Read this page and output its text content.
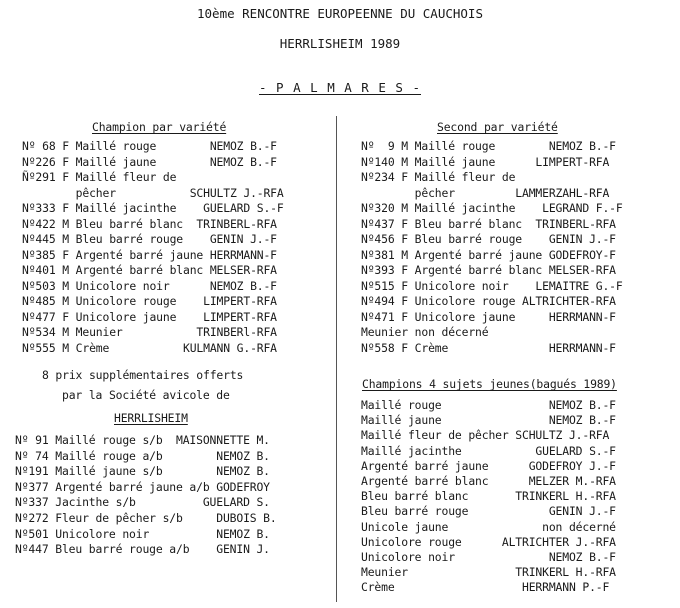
10ème RENCONTRE EUROPEENNE DU CAUCHOIS
HERRLISHEIM 1989
- P A L M A R E S -
Champion par variété
Nº 68 F Maillé rouge        NEMOZ B.-F
Nº226 F Maillé jaune        NEMOZ B.-F
Ñº291 F Maillé fleur de
pêcher           SCHULTZ J.-RFA
Nº333 F Maillé jacinthe    GUELARD S.-F
Nº422 M Bleu barré blanc  TRINBERL-RFA
Nº445 M Bleu barré rouge    GENIN J.-F
Nº385 F Argenté barré jaune HERRMANN-F
Nº401 M Argenté barré blanc MELSER-RFA
Nº503 M Unicolore noir      NEMOZ B.-F
Nº485 M Unicolore rouge    LIMPERT-RFA
Nº477 F Unicolore jaune    LIMPERT-RFA
Nº534 M Meunier           TRINBERl-RFA
Nº555 M Crème           KULMANN G.-RFA
8 prix supplémentaires offerts
par la Société avicole de
HERRLISHEIM
Nº 91 Maillé rouge s/b  MAISONNETTE M.
Nº 74 Maillé rouge a/b        NEMOZ B.
Nº191 Maillé jaune s/b        NEMOZ B.
Nº377 Argenté barré jaune a/b GODEFROY
Nº337 Jacinthe s/b          GUELARD S.
Nº272 Fleur de pêcher s/b     DUBOIS B.
Nº501 Unicolore noir          NEMOZ B.
Nº447 Bleu barré rouge a/b    GENIN J.
Second par variété
Nº  9 M Maillé rouge        NEMOZ B.-F
Nº140 M Maillé jaune      LIMPERT-RFA
Nº234 F Maillé fleur de
pêcher         LAMMERZAHL-RFA
Nº320 M Maillé jacinthe    LEGRAND F.-F
Nº437 F Bleu barré blanc  TRINBERL-RFA
Nº456 F Bleu barré rouge    GENIN J.-F
Nº381 M Argenté barré jaune GODEFROY-F
Nº393 F Argenté barré blanc MELSER-RFA
Nº515 F Unicolore noir    LEMAITRE G.-F
Nº494 F Unicolore rouge ALTRICHTER-RFA
Nº471 F Unicolore jaune     HERRMANN-F
Meunier non décerné
Nº558 F Crème               HERRMANN-F
Champions 4 sujets jeunes(bagués 1989)
Maillé rouge                NEMOZ B.-F
Maillé jaune                NEMOZ B.-F
Maillé fleur de pêcher SCHULTZ J.-RFA
Maillé jacinthe           GUELARD S.-F
Argenté barré jaune      GODEFROY J.-F
Argenté barré blanc      MELZER M.-RFA
Bleu barré blanc       TRINKERL H.-RFA
Bleu barré rouge            GENIN J.-F
Unicole jaune              non décerné
Unicolore rouge      ALTRICHTER J.-RFA
Unicolore noir              NEMOZ B.-F
Meunier                TRINKERL H.-RFA
Crème                   HERRMANN P.-F
